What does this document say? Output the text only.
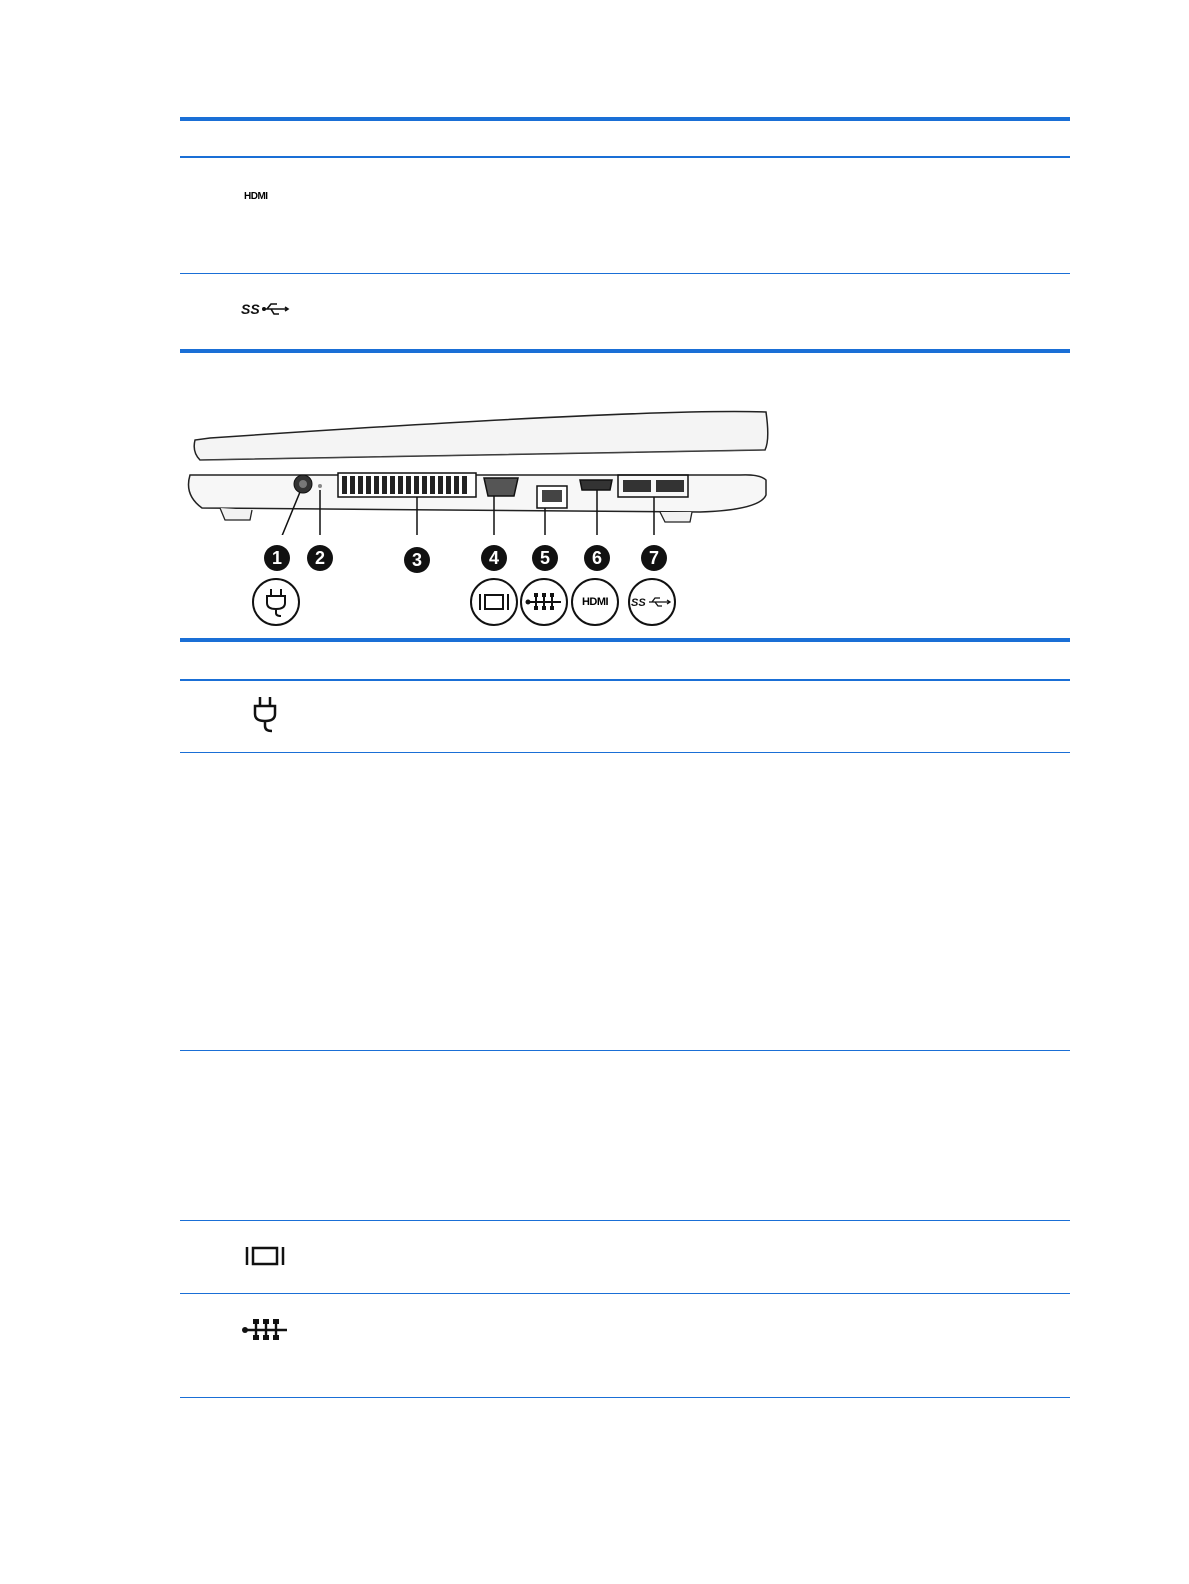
HDMI
SS
1	2	3	4	5	6	7
HDMI SS
